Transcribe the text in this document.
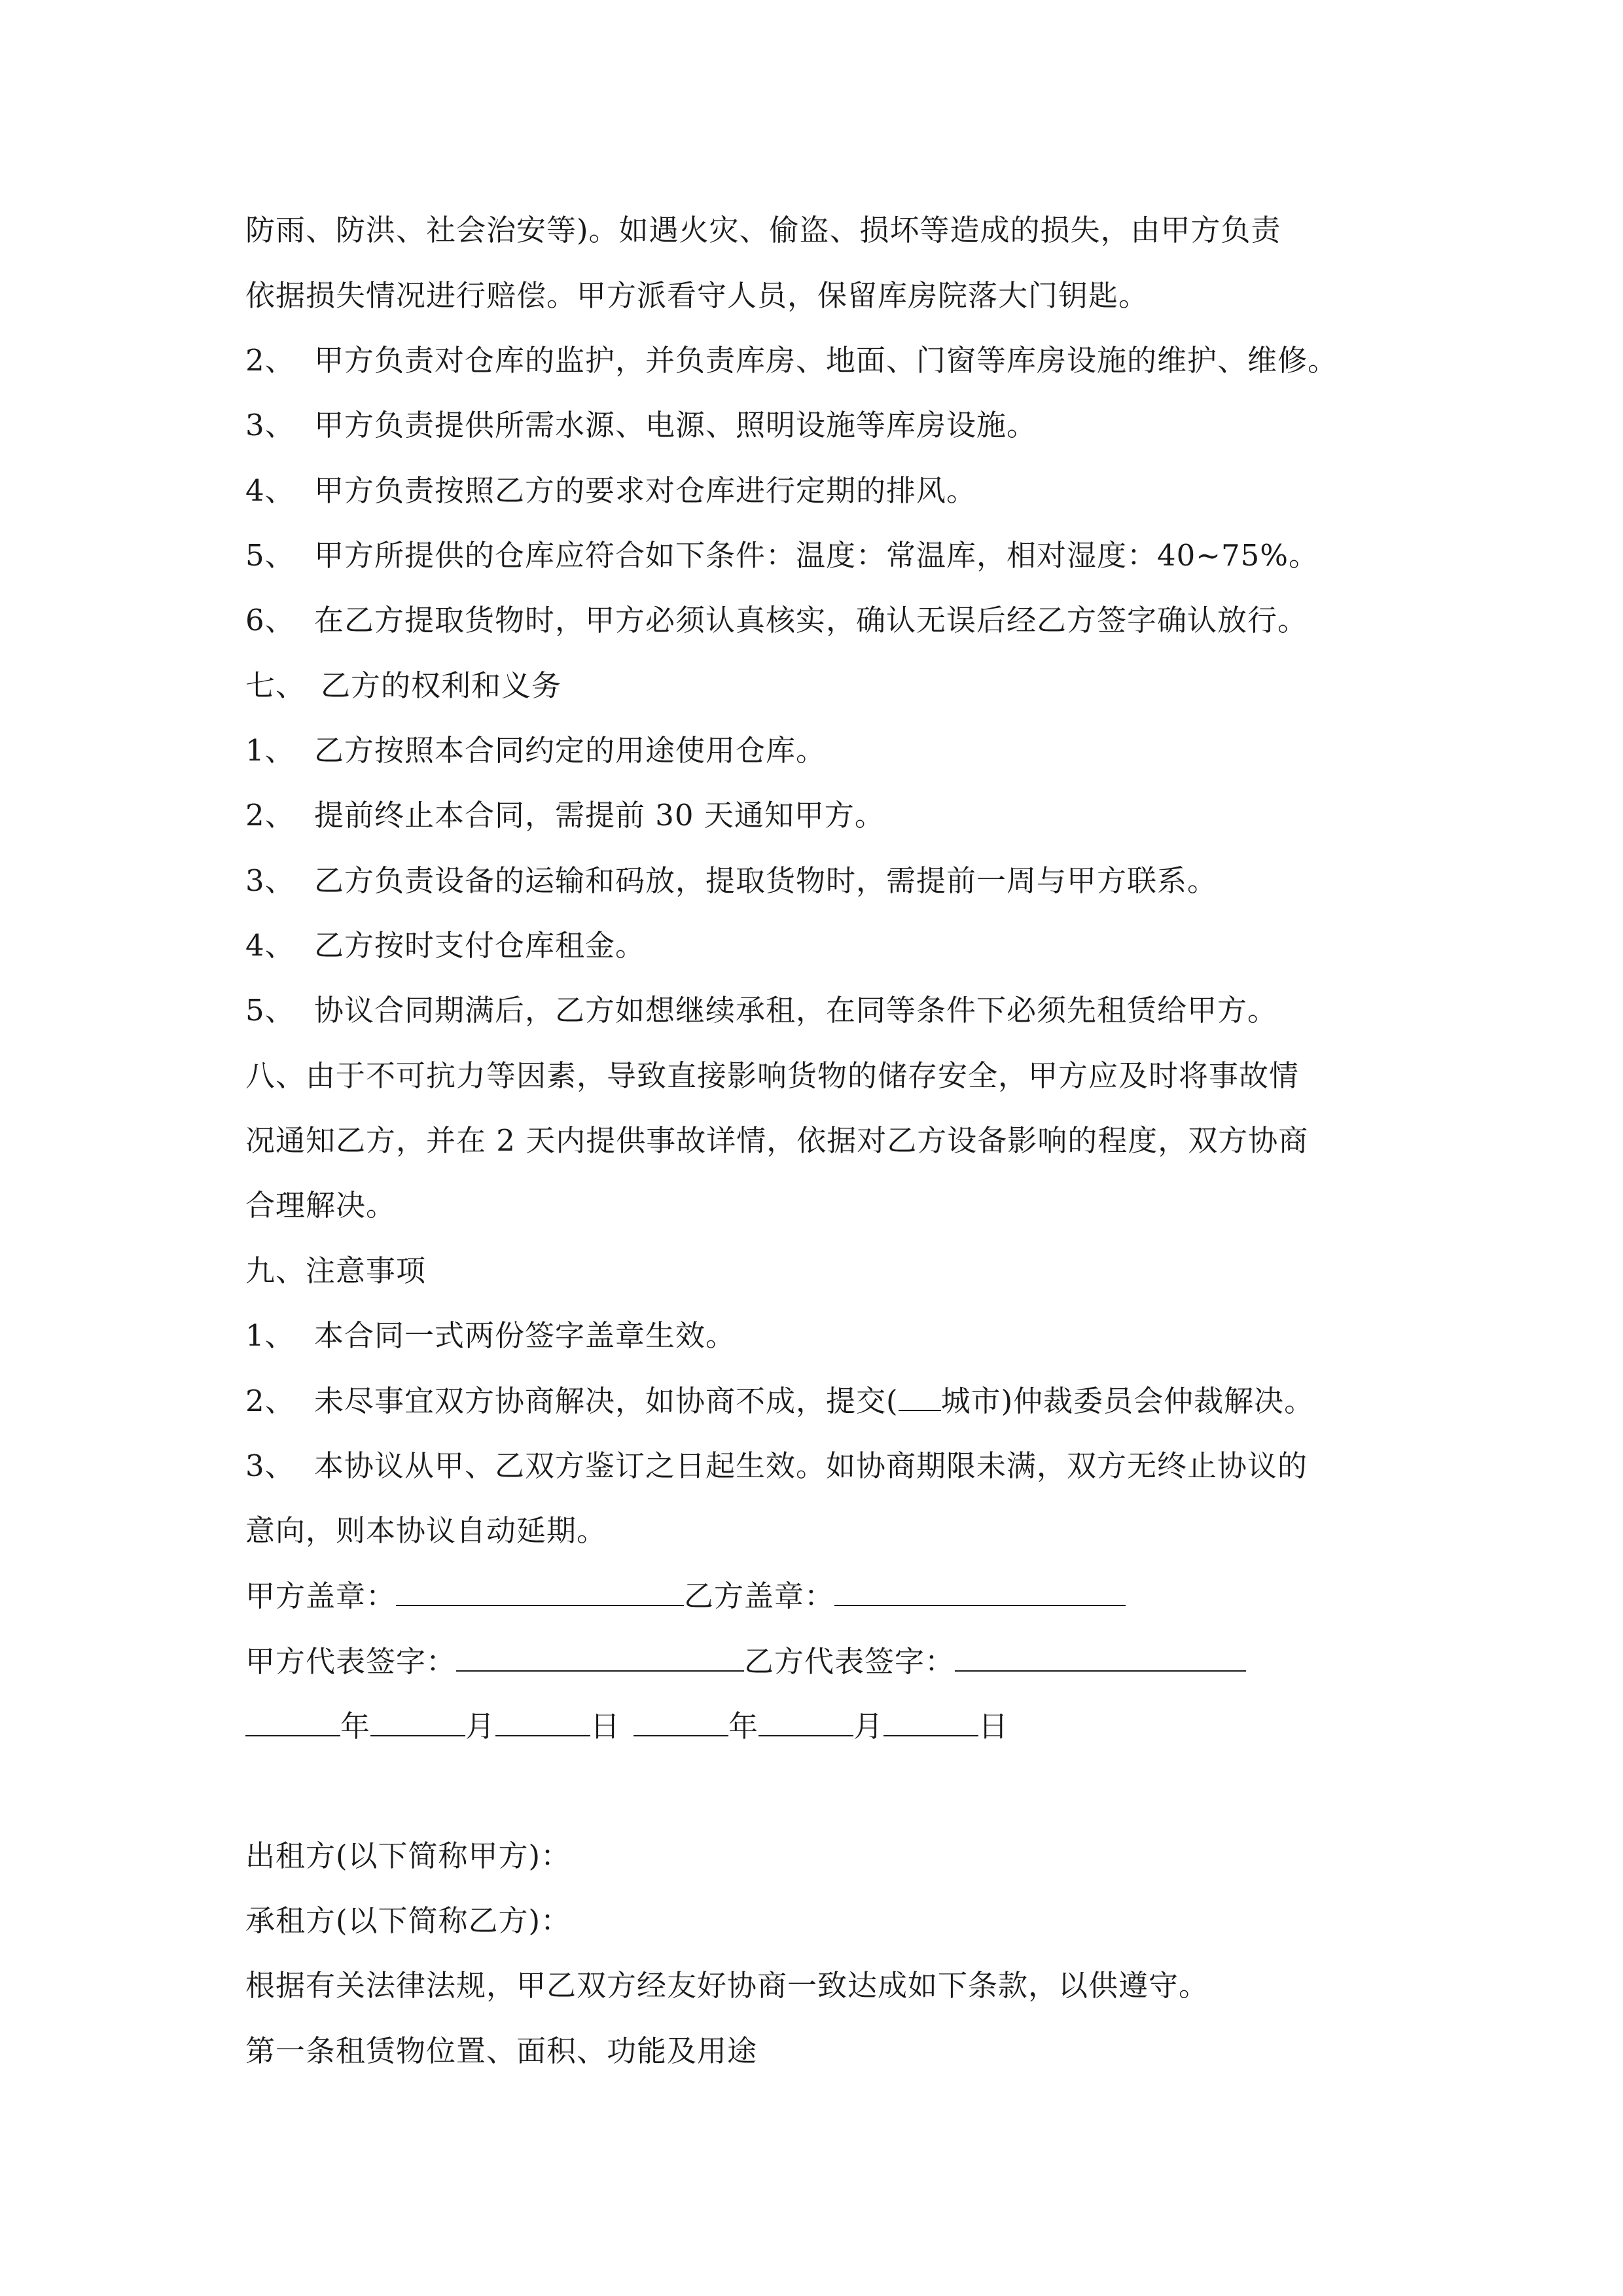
防雨、防洪、社会治安等)。如遇火灾、偷盗、损坏等造成的损失，由甲方负责
依据损失情况进行赔偿。甲方派看守人员，保留库房院落大门钥匙。
2、 甲方负责对仓库的监护，并负责库房、地面、门窗等库房设施的维护、维修。
3、 甲方负责提供所需水源、电源、照明设施等库房设施。
4、 甲方负责按照乙方的要求对仓库进行定期的排风。
5、 甲方所提供的仓库应符合如下条件：温度：常温库，相对湿度：40~75%。
6、 在乙方提取货物时，甲方必须认真核实，确认无误后经乙方签字确认放行。
七、 乙方的权利和义务
1、 乙方按照本合同约定的用途使用仓库。
2、 提前终止本合同，需提前 30 天通知甲方。
3、 乙方负责设备的运输和码放，提取货物时，需提前一周与甲方联系。
4、 乙方按时支付仓库租金。
5、 协议合同期满后，乙方如想继续承租，在同等条件下必须先租赁给甲方。
八、由于不可抗力等因素，导致直接影响货物的储存安全，甲方应及时将事故情
况通知乙方，并在 2 天内提供事故详情，依据对乙方设备影响的程度，双方协商
合理解决。
九、注意事项
1、 本合同一式两份签字盖章生效。
2、 未尽事宜双方协商解决，如协商不成，提交( 城市)仲裁委员会仲裁解决。
3、 本协议从甲、乙双方鉴订之日起生效。如协商期限未满，双方无终止协议的
意向，则本协议自动延期。
甲方盖章：	乙方盖章：
甲方代表签字：	乙方代表签字：
年	月	日	年	月	日
出租方(以下简称甲方)：
承租方(以下简称乙方)：
根据有关法律法规，甲乙双方经友好协商一致达成如下条款，以供遵守。
第一条租赁物位置、面积、功能及用途
